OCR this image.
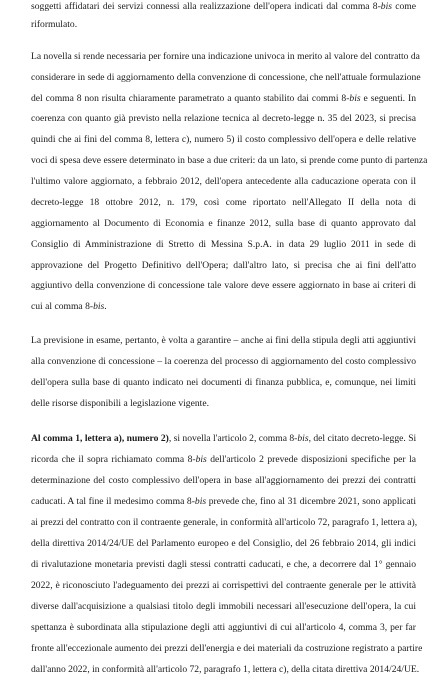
soggetti affidatari dei servizi connessi alla realizzazione dell'opera indicati dal comma 8-bis come
riformulato.
La novella si rende necessaria per fornire una indicazione univoca in merito al valore del contratto da
considerare in sede di aggiornamento della convenzione di concessione, che nell'attuale formulazione
del comma 8 non risulta chiaramente parametrato a quanto stabilito dai commi 8-bis e seguenti. In
coerenza con quanto già previsto nella relazione tecnica al decreto-legge n. 35 del 2023, si precisa
quindi che ai fini del comma 8, lettera c), numero 5) il costo complessivo dell'opera e delle relative
voci di spesa deve essere determinato in base a due criteri: da un lato, si prende come punto di partenza
l'ultimo valore aggiornato, a febbraio 2012, dell'opera antecedente alla caducazione operata con il
decreto-legge 18 ottobre 2012, n. 179, così come riportato nell'Allegato II della nota di
aggiornamento al Documento di Economia e finanze 2012, sulla base di quanto approvato dal
Consiglio di Amministrazione di Stretto di Messina S.p.A. in data 29 luglio 2011 in sede di
approvazione del Progetto Definitivo dell'Opera; dall'altro lato, si precisa che ai fini dell'atto
aggiuntivo della convenzione di concessione tale valore deve essere aggiornato in base ai criteri di
cui al comma 8-bis.
La previsione in esame, pertanto, è volta a garantire – anche ai fini della stipula degli atti aggiuntivi
alla convenzione di concessione – la coerenza del processo di aggiornamento del costo complessivo
dell'opera sulla base di quanto indicato nei documenti di finanza pubblica, e, comunque, nei limiti
delle risorse disponibili a legislazione vigente.
Al comma 1, lettera a), numero 2), si novella l'articolo 2, comma 8-bis, del citato decreto-legge. Si
ricorda che il sopra richiamato comma 8-bis dell'articolo 2 prevede disposizioni specifiche per la
determinazione del costo complessivo dell'opera in base all'aggiornamento dei prezzi dei contratti
caducati. A tal fine il medesimo comma 8-bis prevede che, fino al 31 dicembre 2021, sono applicati
ai prezzi del contratto con il contraente generale, in conformità all'articolo 72, paragrafo 1, lettera a),
della direttiva 2014/24/UE del Parlamento europeo e del Consiglio, del 26 febbraio 2014, gli indici
di rivalutazione monetaria previsti dagli stessi contratti caducati, e che, a decorrere dal 1° gennaio
2022, è riconosciuto l'adeguamento dei prezzi ai corrispettivi del contraente generale per le attività
diverse dall'acquisizione a qualsiasi titolo degli immobili necessari all'esecuzione dell'opera, la cui
spettanza è subordinata alla stipulazione degli atti aggiuntivi di cui all'articolo 4, comma 3, per far
fronte all'eccezionale aumento dei prezzi dell'energia e dei materiali da costruzione registrato a partire
dall'anno 2022, in conformità all'articolo 72, paragrafo 1, lettera c), della citata direttiva 2014/24/UE.
